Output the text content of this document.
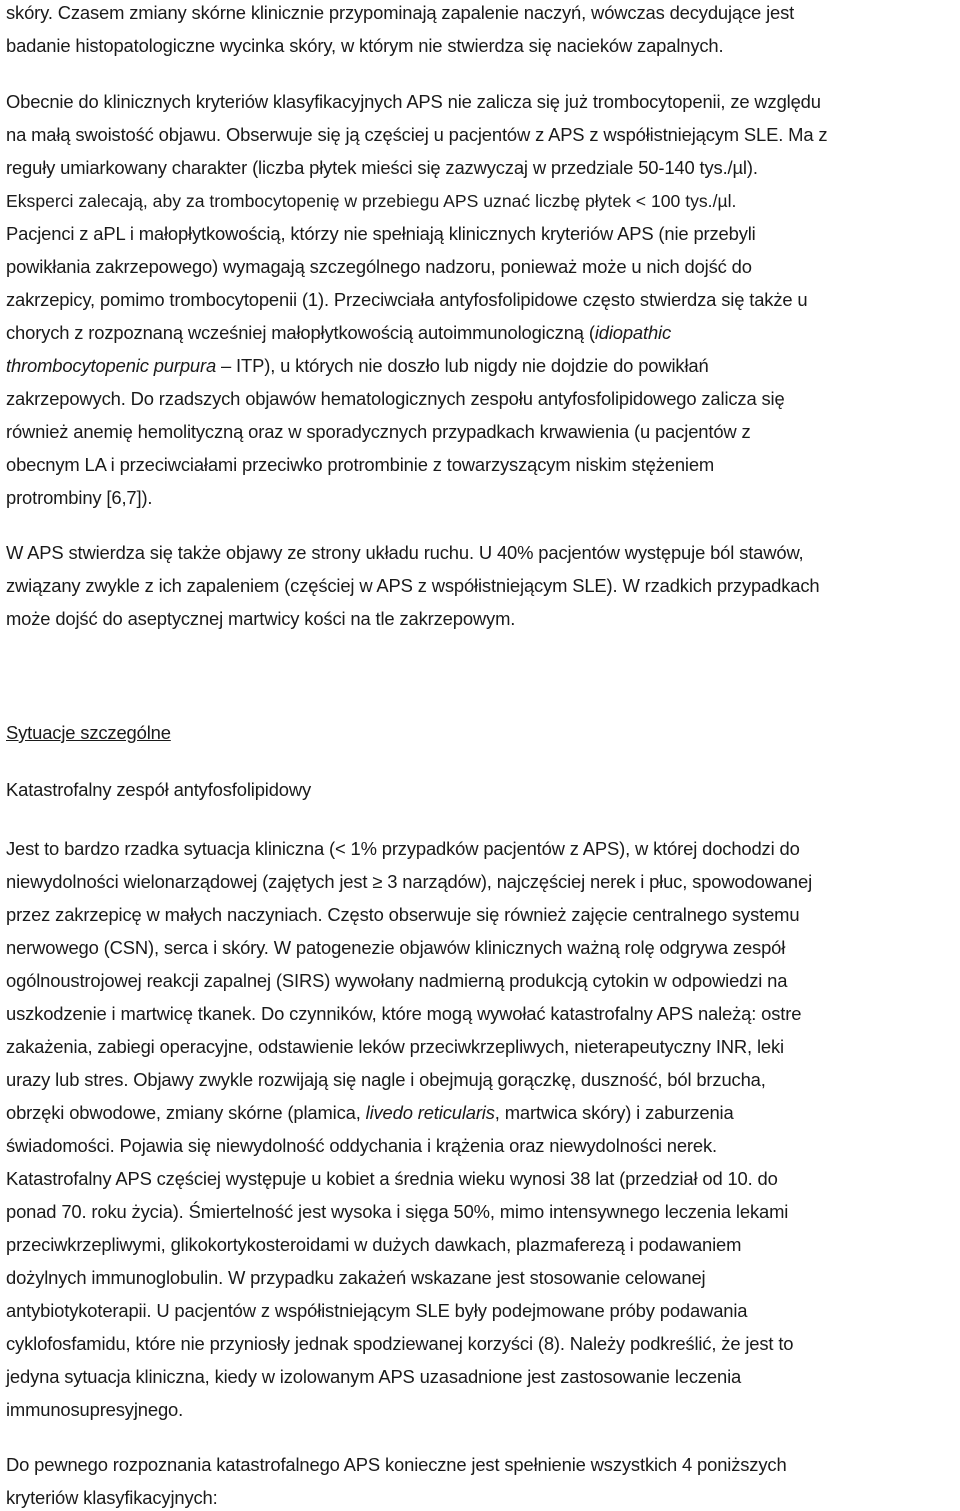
skóry. Czasem zmiany skórne klinicznie przypominają zapalenie naczyń, wówczas decydujące jest
badanie histopatologiczne wycinka skóry, w którym nie stwierdza się nacieków zapalnych.
Obecnie do klinicznych kryteriów klasyfikacyjnych APS nie zalicza się już trombocytopenii, ze względu
na małą swoistość objawu. Obserwuje się ją częściej u pacjentów z APS z współistniejącym SLE. Ma z
reguły umiarkowany charakter (liczba płytek mieści się zazwyczaj w przedziale 50-140 tys./µl).
Eksperci zalecają, aby za trombocytopenię w przebiegu APS uznać liczbę płytek < 100 tys./µl.
Pacjenci z aPL i małopłytkowością, którzy nie spełniają klinicznych kryteriów APS (nie przebyli
powikłania zakrzepowego) wymagają szczególnego nadzoru, ponieważ może u nich dojść do
zakrzepicy, pomimo trombocytopenii (1). Przeciwciała antyfosfolipidowe często stwierdza się także u
chorych z rozpoznaną wcześniej małopłytkowością autoimmunologiczną (idiopathic
thrombocytopenic purpura – ITP), u których nie doszło lub nigdy nie dojdzie do powikłań
zakrzepowych. Do rzadszych objawów hematologicznych zespołu antyfosfolipidowego zalicza się
również anemię hemolityczną oraz w sporadycznych przypadkach krwawienia (u pacjentów z
obecnym LA i przeciwciałami przeciwko protrombinie z towarzyszącym niskim stężeniem
protrombiny [6,7]).
W APS stwierdza się także objawy ze strony układu ruchu. U 40% pacjentów występuje ból stawów,
związany zwykle z ich zapaleniem (częściej w APS z współistniejącym SLE). W rzadkich przypadkach
może dojść do aseptycznej martwicy kości na tle zakrzepowym.
Sytuacje szczególne
Katastrofalny zespół antyfosfolipidowy
Jest to bardzo rzadka sytuacja kliniczna (< 1% przypadków pacjentów z APS), w której dochodzi do
niewydolności wielonarządowej (zajętych jest ≥ 3 narządów), najczęściej nerek i płuc, spowodowanej
przez zakrzepicę w małych naczyniach. Często obserwuje się również zajęcie centralnego systemu
nerwowego (CSN), serca i skóry. W patogenezie objawów klinicznych ważną rolę odgrywa zespół
ogólnoustrojowej reakcji zapalnej (SIRS) wywołany nadmierną produkcją cytokin w odpowiedzi na
uszkodzenie i martwicę tkanek. Do czynników, które mogą wywołać katastrofalny APS należą: ostre
zakażenia, zabiegi operacyjne, odstawienie leków przeciwkrzepliwych, nieterapeutyczny INR, leki
urazy lub stres. Objawy zwykle rozwijają się nagle i obejmują gorączkę, duszność, ból brzucha,
obrzęki obwodowe, zmiany skórne (plamica, livedo reticularis, martwica skóry) i zaburzenia
świadomości. Pojawia się niewydolność oddychania i krążenia oraz niewydolności nerek.
Katastrofalny APS częściej występuje u kobiet a średnia wieku wynosi 38 lat (przedział od 10. do
ponad 70. roku życia). Śmiertelność jest wysoka i sięga 50%, mimo intensywnego leczenia lekami
przeciwkrzepliwymi, glikokortykosteroidami w dużych dawkach, plazmaferezą i podawaniem
dożylnych immunoglobulin. W przypadku zakażeń wskazane jest stosowanie celowanej
antybiotykoterapii. U pacjentów z współistniejącym SLE były podejmowane próby podawania
cyklofosfamidu, które nie przyniosły jednak spodziewanej korzyści (8). Należy podkreślić, że jest to
jedyna sytuacja kliniczna, kiedy w izolowanym APS uzasadnione jest zastosowanie leczenia
immunosupresyjnego.
Do pewnego rozpoznania katastrofalnego APS konieczne jest spełnienie wszystkich 4 poniższych
kryteriów klasyfikacyjnych:
